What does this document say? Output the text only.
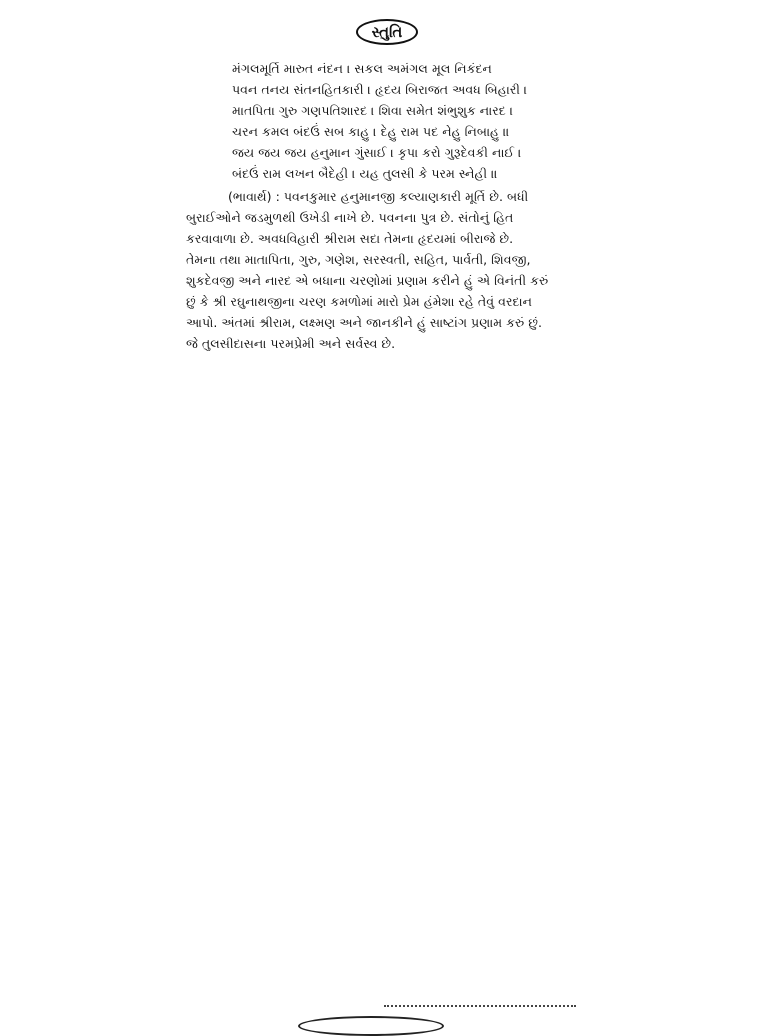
સ્તુતિ
મંગલમૂર્તિ મારુત નંદન । સકલ અમંગલ મૂલ નિકંદન
પવન તનય સંતનહિતકારી । હૃદય બિરાજત અવધ બિહારી ।
માતપિતા ગુરુ ગણપતિશારદ । શિવા સમેત શંભુશુક નારદ ।
ચરન કમલ બંદઉં સબ કાહુ । દેહુ રામ પદ નેહુ નિબાહુ ॥
જય જય જય હનુમાન ગુંસાઈ । કૃપા કરો ગુરૂદેવકી નાઈ ।
બંદઉં રામ લખન બૈદેહી । યહ તુલસી કે પરમ સ્નેહી ॥
(ભાવાર્થ) : પવનકુમાર હનુમાનજી કલ્યાણકારી મૂર્તિ છે. બધી
બુરાઈઓને જડમુળથી ઉખેડી નાખે છે. પવનના પુત્ર છે. સંતોનું હિત
કરવાવાળા છે. અવધવિહારી શ્રીરામ સદા તેમના હૃદયમાં બીરાજે છે.
તેમના તથા માતાપિતા, ગુરુ, ગણેશ, સરસ્વતી, સહિત, પાર્વતી, શિવજી,
શુકદેવજી અને નારદ એ બધાના ચરણોમાં પ્રણામ કરીને હું એ વિનંતી કરું
છું કે શ્રી રઘુનાથજીના ચરણ કમળોમાં મારો પ્રેમ હંમેશા રહે તેવું વરદાન
આપો. અંતમાં શ્રીરામ, લક્ષ્મણ અને જાનકીને હું સાષ્ટાંગ પ્રણામ કરું છું.
જે તુલસીદાસના પરમપ્રેમી અને સર્વસ્વ છે.
